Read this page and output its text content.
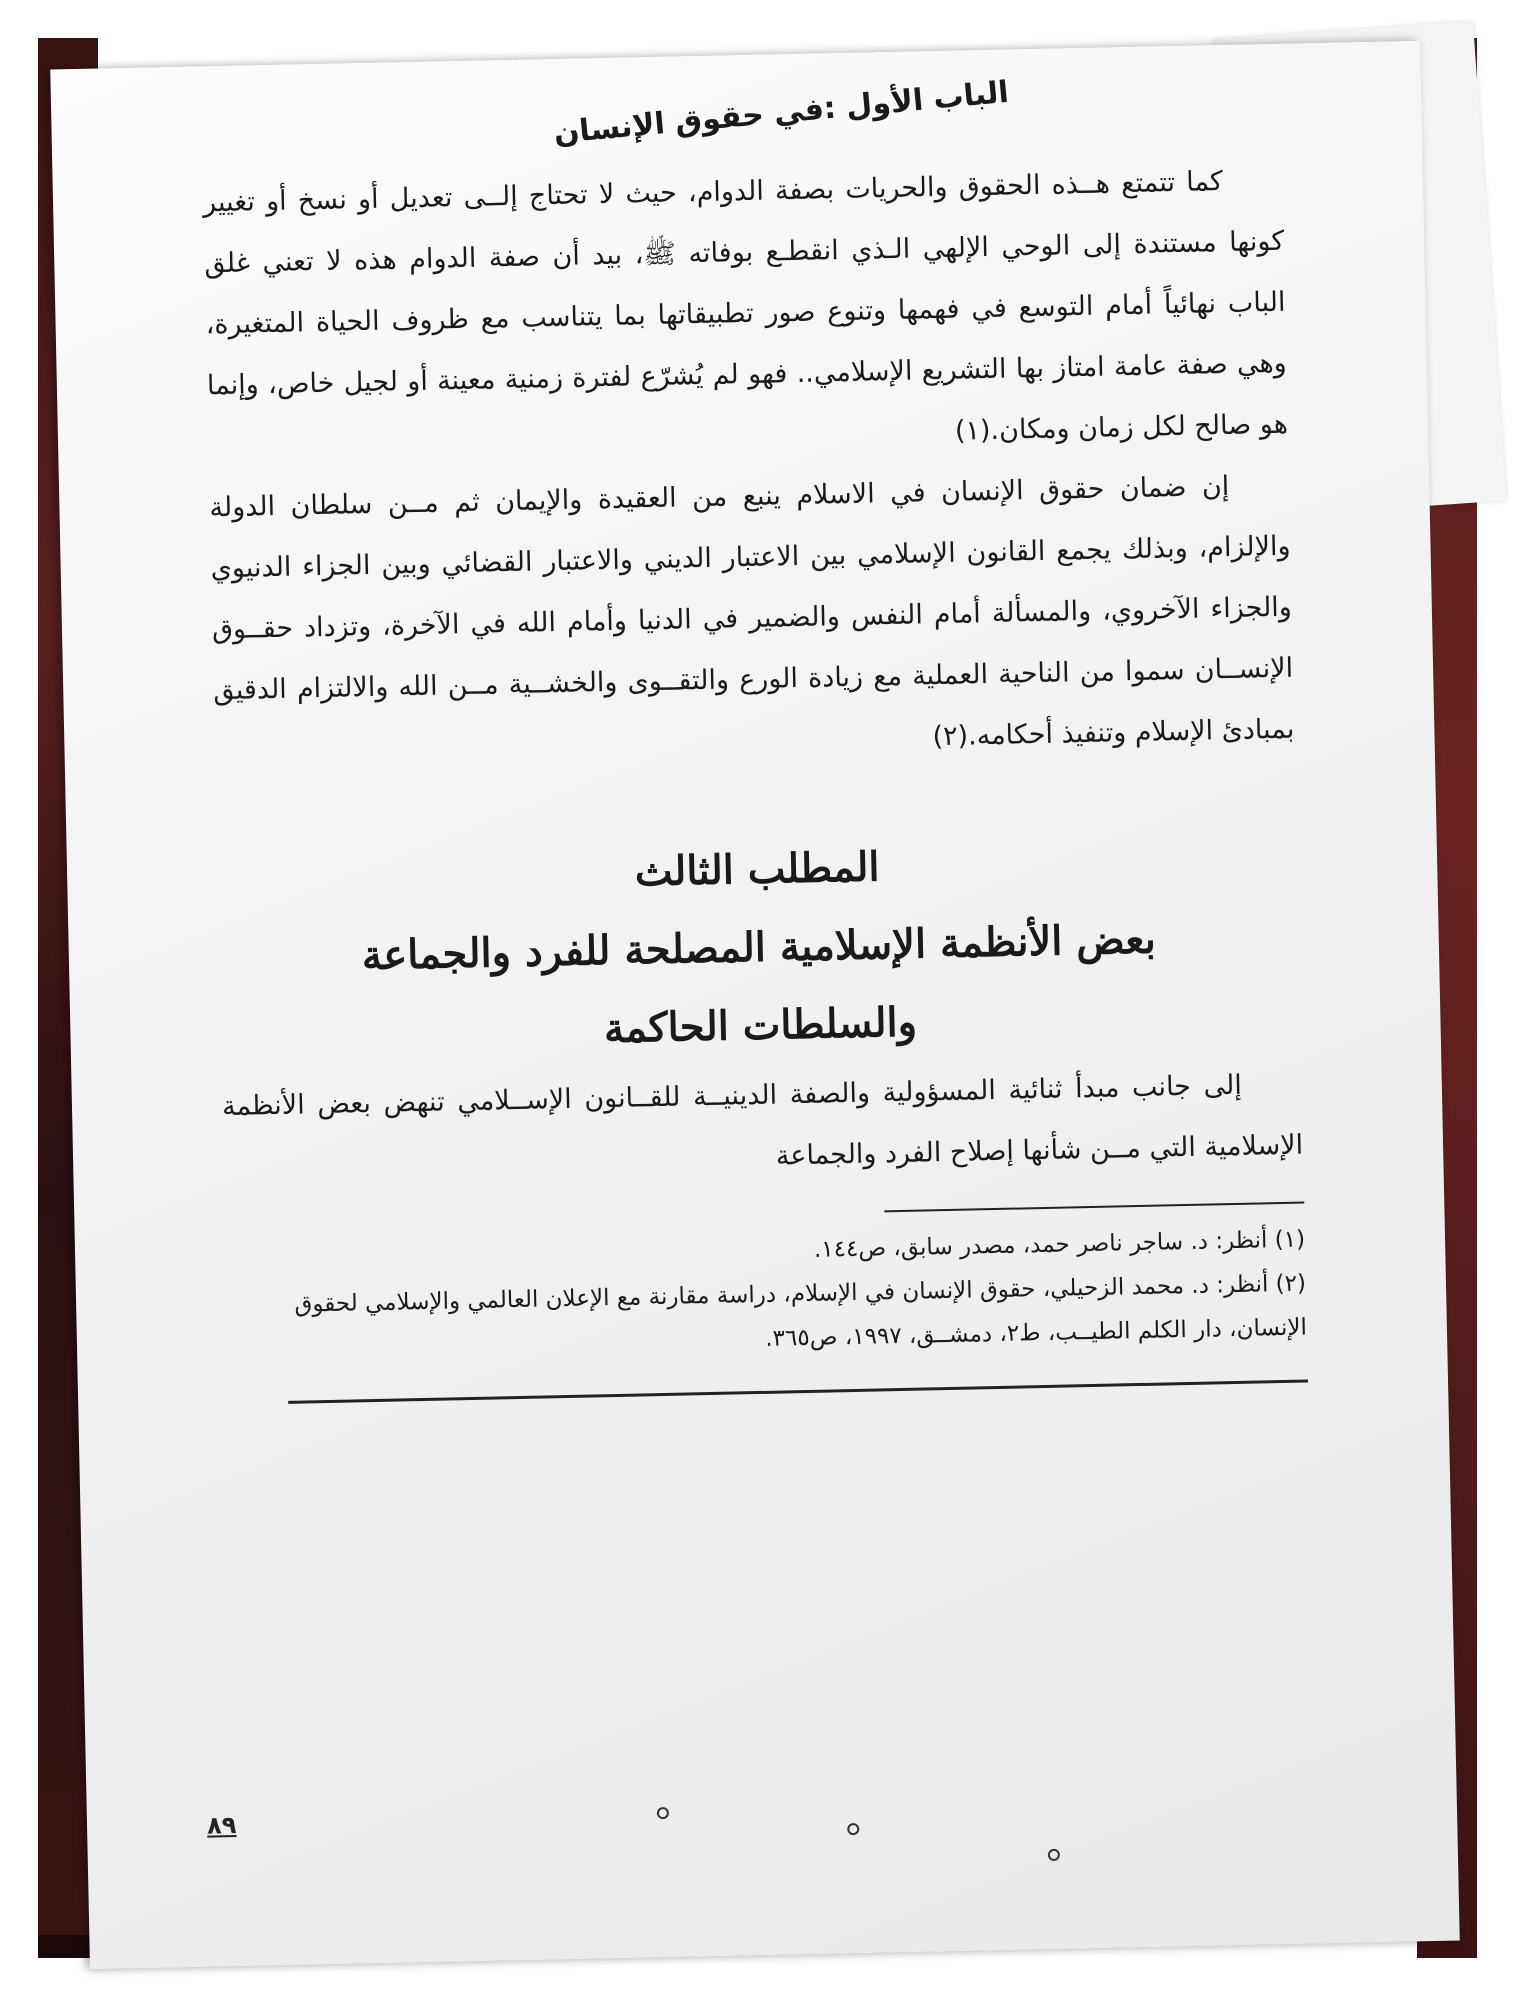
الباب الأول :في حقوق الإنسان

كما تتمتع هــذه الحقوق والحريات بصفة الدوام، حيث لا تحتاج إلــى تعديل أو نسخ أو تغيير كونها مستندة إلى الوحي الإلهي الـذي انقطـع بوفاته ﷺ، بيد أن صفة الدوام هذه لا تعني غلق الباب نهائياً أمام التوسع في فهمها وتنوع صور تطبيقاتها بما يتناسب مع ظروف الحياة المتغيرة، وهي صفة عامة امتاز بها التشريع الإسلامي.. فهو لم يُشرّع لفترة زمنية معينة أو لجيل خاص، وإنما هو صالح لكل زمان ومكان.(١)

إن ضمان حقوق الإنسان في الاسلام ينبع من العقيدة والإيمان ثم مــن سلطان الدولة والإلزام، وبذلك يجمع القانون الإسلامي بين الاعتبار الديني والاعتبار القضائي وبين الجزاء الدنيوي والجزاء الآخروي، والمسألة أمام النفس والضمير في الدنيا وأمام الله في الآخرة، وتزداد حقــوق الإنســان سموا من الناحية العملية مع زيادة الورع والتقــوى والخشــية مــن الله والالتزام الدقيق بمبادئ الإسلام وتنفيذ أحكامه.(٢)

المطلب الثالث
بعض الأنظمة الإسلامية المصلحة للفرد والجماعة
والسلطات الحاكمة

إلى جانب مبدأ ثنائية المسؤولية والصفة الدينيــة للقــانون الإســلامي تنهض بعض الأنظمة الإسلامية التي مــن شأنها إصلاح الفرد والجماعة

(١) أنظر: د. ساجر ناصر حمد، مصدر سابق، ص١٤٤.
(٢) أنظر: د. محمد الزحيلي، حقوق الإنسان في الإسلام، دراسة مقارنة مع الإعلان العالمي والإسلامي لحقوق الإنسان، دار الكلم الطيــب، ط٢، دمشــق، ١٩٩٧، ص٣٦٥.
٨٩
